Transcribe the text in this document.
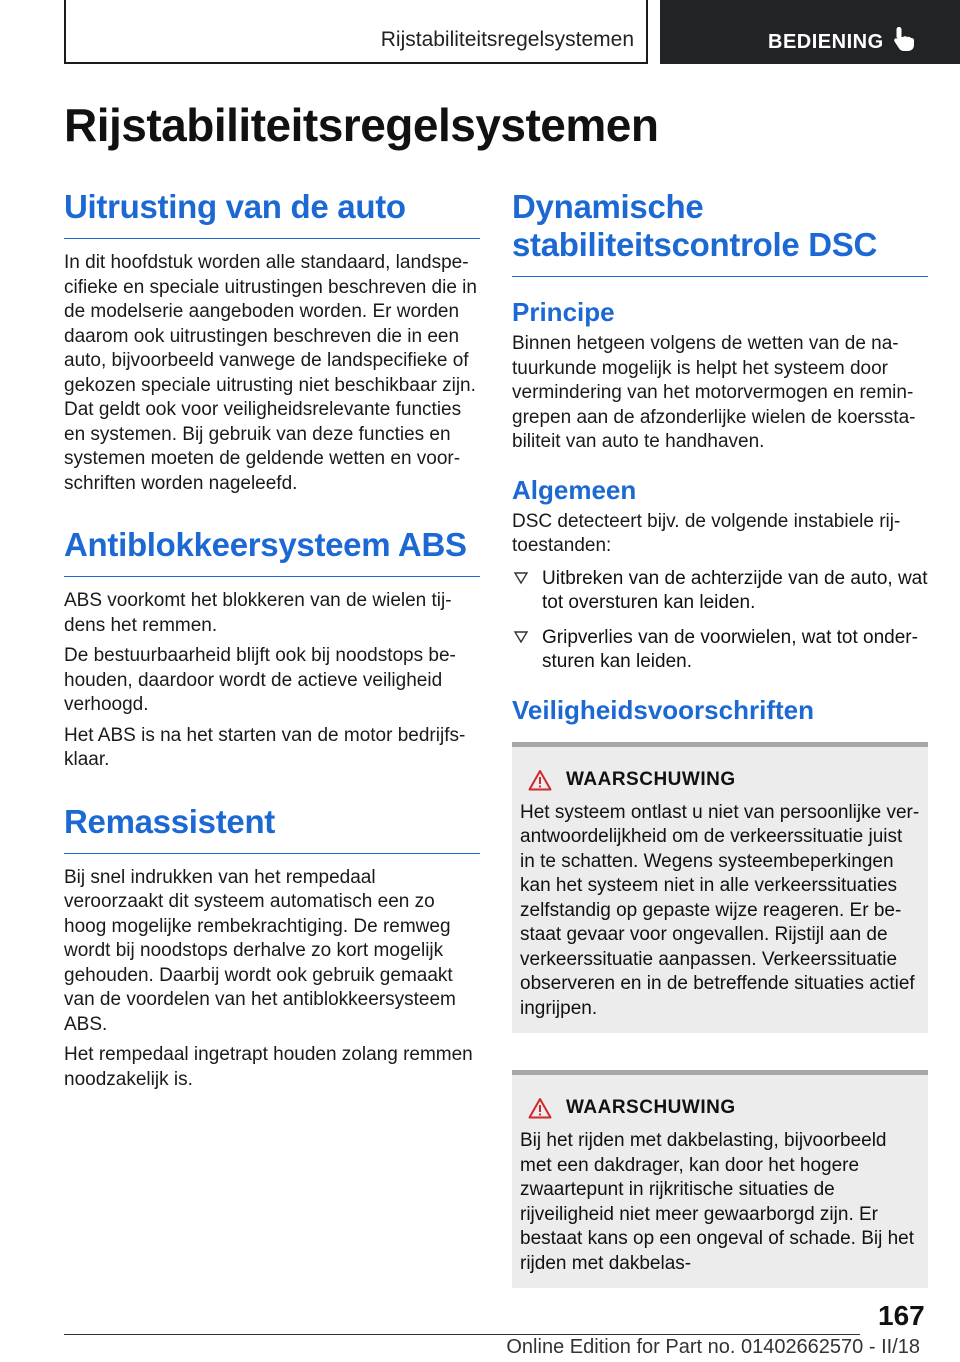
Rijstabiliteitsregelsystemen	BEDIENING
Rijstabiliteitsregelsystemen
Uitrusting van de auto

In dit hoofdstuk worden alle standaard, landspecifieke en speciale uitrustingen beschreven die in de modelserie aangeboden worden. Er worden daarom ook uitrustingen beschreven die in een auto, bijvoorbeeld vanwege de landspecifieke of gekozen speciale uitrusting niet beschikbaar zijn. Dat geldt ook voor veiligheidsrelevante functies en systemen. Bij gebruik van deze functies en systemen moeten de geldende wetten en voorschriften worden nageleefd.

Antiblokkeersysteem ABS

ABS voorkomt het blokkeren van de wielen tijdens het remmen.

De bestuurbaarheid blijft ook bij noodstops behouden, daardoor wordt de actieve veiligheid verhoogd.

Het ABS is na het starten van de motor bedrijfsklaar.

Remassistent

Bij snel indrukken van het rempedaal veroorzaakt dit systeem automatisch een zo hoog mogelijke rembekrachtiging. De remweg wordt bij noodstops derhalve zo kort mogelijk gehouden. Daarbij wordt ook gebruik gemaakt van de voordelen van het antiblokkeersysteem ABS.

Het rempedaal ingetrapt houden zolang remmen noodzakelijk is.

Dynamische stabiliteitscontrole DSC
Principe

Binnen hetgeen volgens de wetten van de natuurkunde mogelijk is helpt het systeem door vermindering van het motorvermogen en remingrepen aan de afzonderlijke wielen de koersstabiliteit van auto te handhaven.

Algemeen

DSC detecteert bijv. de volgende instabiele rijtoestanden:

Uitbreken van de achterzijde van de auto, wat tot oversturen kan leiden.
Gripverlies van de voorwielen, wat tot ondersturen kan leiden.
Veiligheidsvoorschriften
WAARSCHUWING

Het systeem ontlast u niet van persoonlijke verantwoordelijkheid om de verkeerssituatie juist in te schatten. Wegens systeembeperkingen kan het systeem niet in alle verkeerssituaties zelfstandig op gepaste wijze reageren. Er bestaat gevaar voor ongevallen. Rijstijl aan de verkeerssituatie aanpassen. Verkeerssituatie observeren en in de betreffende situaties actief ingrijpen.

WAARSCHUWING

Bij het rijden met dakbelasting, bijvoorbeeld met een dakdrager, kan door het hogere zwaartepunt in rijkritische situaties de rijveiligheid niet meer gewaarborgd zijn. Er bestaat kans op een ongeval of schade. Bij het rijden met dakbelas-

167
Online Edition for Part no. 01402662570 - II/18
